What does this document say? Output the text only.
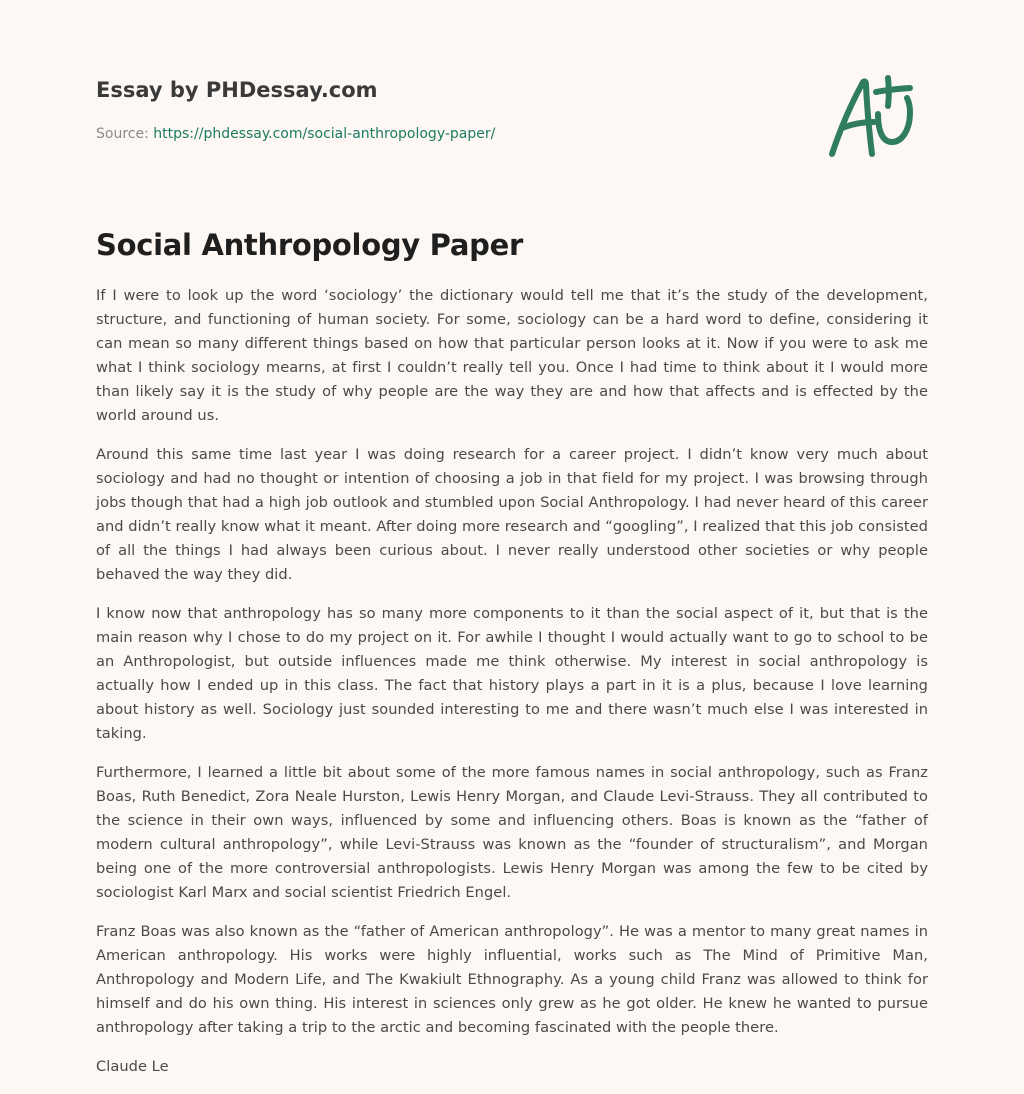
Essay by PHDessay.com
Source: https://phdessay.com/social-anthropology-paper/
Social Anthropology Paper

If I were to look up the word ‘sociology’ the dictionary would tell me that it’s the study of the development, structure, and functioning of human society. For some, sociology can be a hard word to define, considering it can mean so many different things based on how that particular person looks at it. Now if you were to ask me what I think sociology mearns, at first I couldn’t really tell you. Once I had time to think about it I would more than likely say it is the study of why people are the way they are and how that affects and is effected by the world around us.

Around this same time last year I was doing research for a career project. I didn’t know very much about sociology and had no thought or intention of choosing a job in that field for my project. I was browsing through jobs though that had a high job outlook and stumbled upon Social Anthropology. I had never heard of this career and didn’t really know what it meant. After doing more research and “googling”, I realized that this job consisted of all the things I had always been curious about. I never really understood other societies or why people behaved the way they did.

I know now that anthropology has so many more components to it than the social aspect of it, but that is the main reason why I chose to do my project on it. For awhile I thought I would actually want to go to school to be an Anthropologist, but outside influences made me think otherwise. My interest in social anthropology is actually how I ended up in this class. The fact that history plays a part in it is a plus, because I love learning about history as well. Sociology just sounded interesting to me and there wasn’t much else I was interested in taking.

Furthermore, I learned a little bit about some of the more famous names in social anthropology, such as Franz Boas, Ruth Benedict, Zora Neale Hurston, Lewis Henry Morgan, and Claude Levi-Strauss. They all contributed to the science in their own ways, influenced by some and influencing others. Boas is known as the “father of modern cultural anthropology”, while Levi-Strauss was known as the “founder of structuralism”, and Morgan being one of the more controversial anthropologists. Lewis Henry Morgan was among the few to be cited by sociologist Karl Marx and social scientist Friedrich Engel.

Franz Boas was also known as the “father of American anthropology”. He was a mentor to many great names in American anthropology. His works were highly influential, works such as The Mind of Primitive Man, Anthropology and Modern Life, and The Kwakiult Ethnography. As a young child Franz was allowed to think for himself and do his own thing. His interest in sciences only grew as he got older. He knew he wanted to pursue anthropology after taking a trip to the arctic and becoming fascinated with the people there.

Claude Le
